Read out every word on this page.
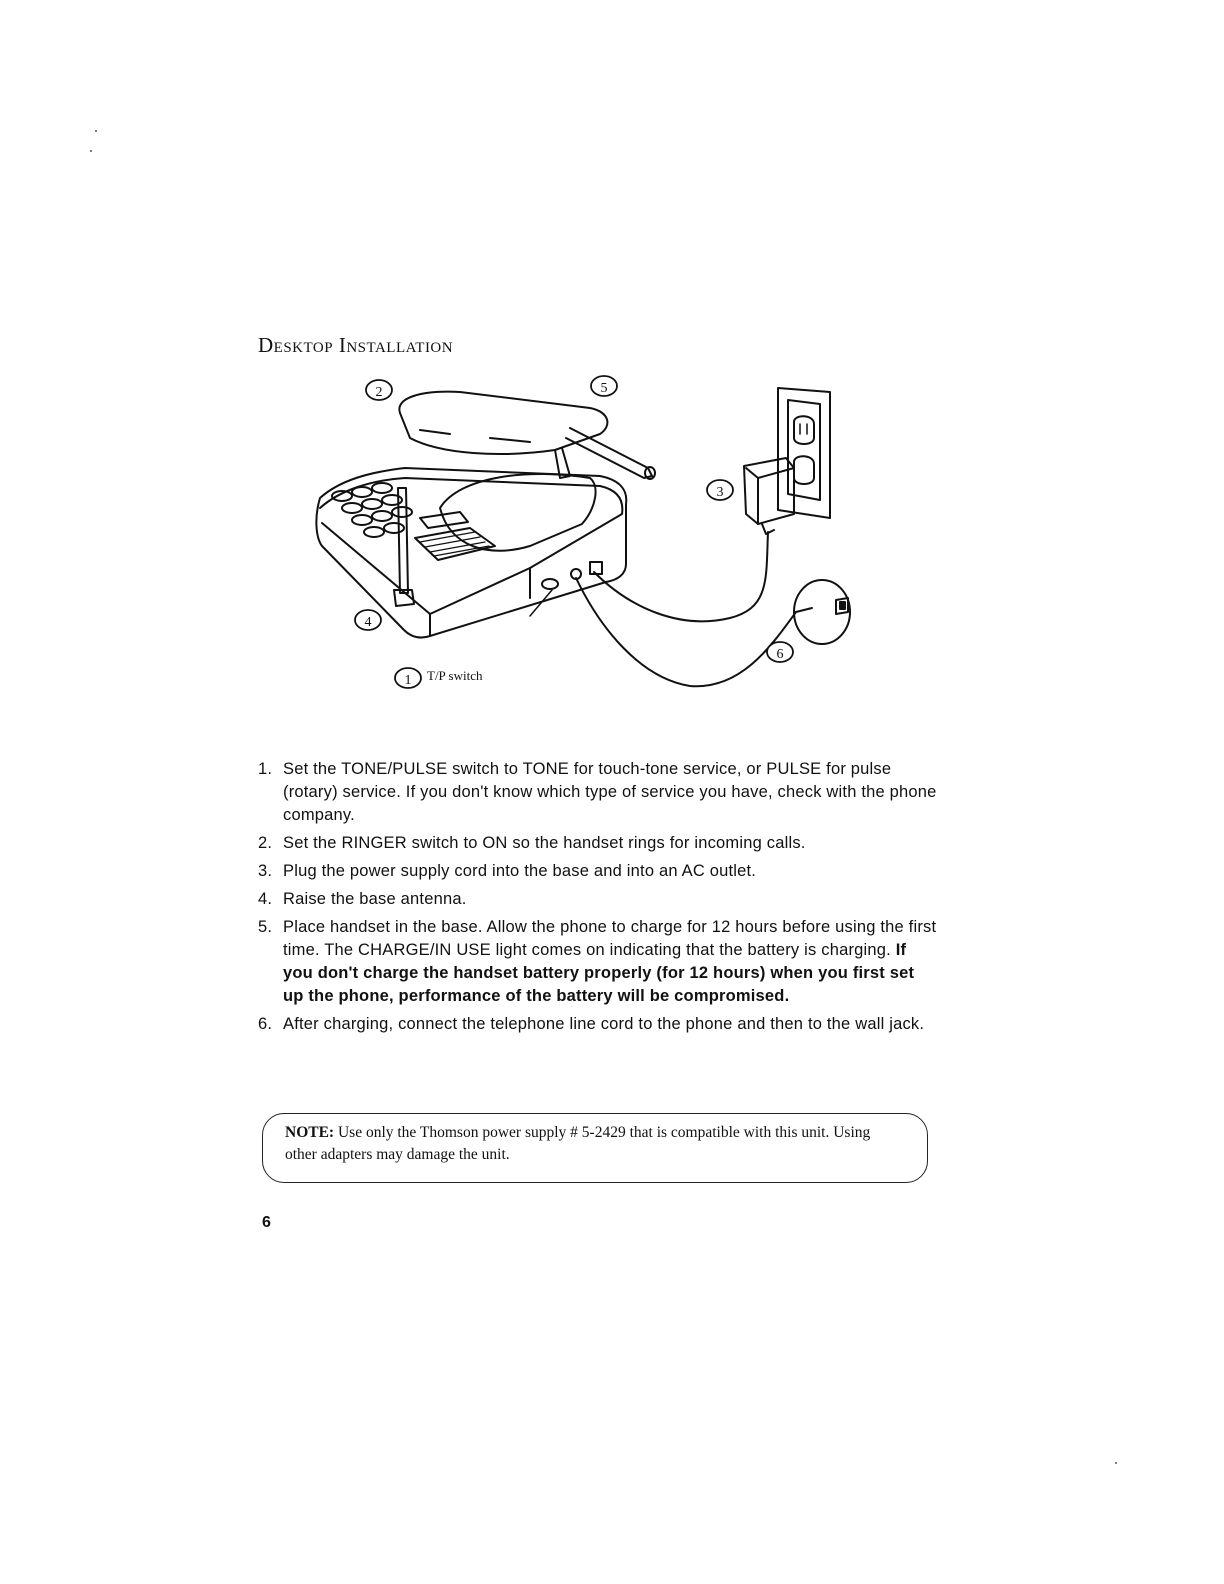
Desktop Installation
2	5
3
4
6
1 T/P switch
1. Set the TONE/PULSE switch to TONE for touch-tone service, or PULSE for pulse (rotary) service. If you don't know which type of service you have, check with the phone company.
2. Set the RINGER switch to ON so the handset rings for incoming calls.
3. Plug the power supply cord into the base and into an AC outlet.
4. Raise the base antenna.
5. Place handset in the base. Allow the phone to charge for 12 hours before using the first time. The CHARGE/IN USE light comes on indicating that the battery is charging. If you don't charge the handset battery properly (for 12 hours) when you first set up the phone, performance of the battery will be compromised.
6. After charging, connect the telephone line cord to the phone and then to the wall jack.
NOTE: Use only the Thomson power supply # 5-2429 that is compatible with this unit. Using other adapters may damage the unit.
6
